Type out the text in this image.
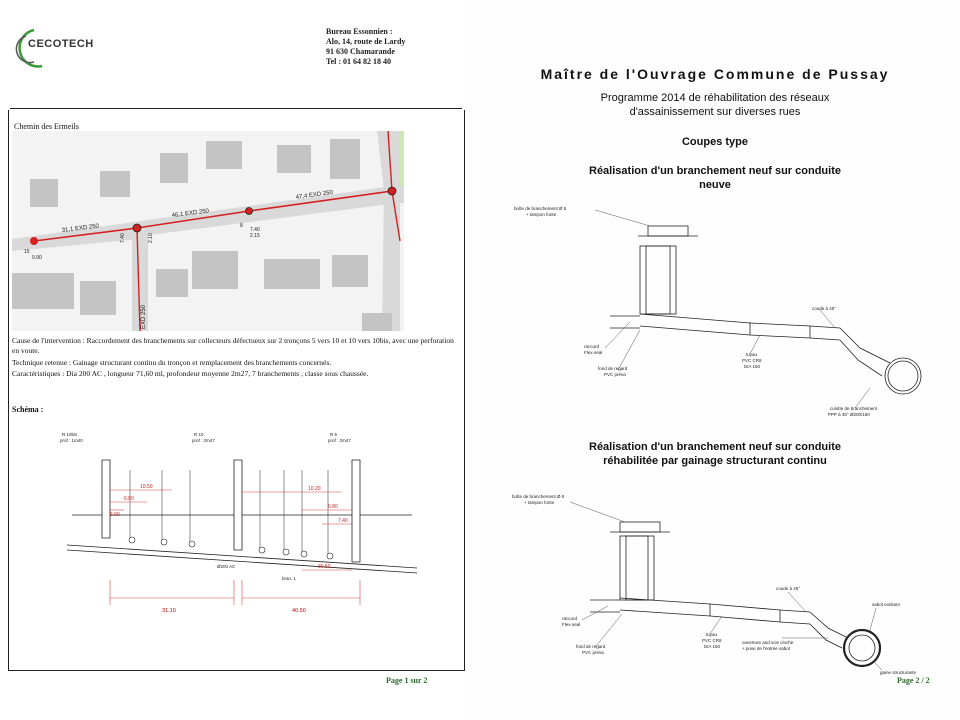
CECOTECH
Bureau Essonnien :
Alo, 14, route de Lardy
91 630 Chamarande
Tel : 01 64 82 18 40
Chemin des Ermeils
31,1 EXD 250
46,1 EXD 250
47,4 EXD 250
EXD 250
15
0.90
7.40	2.10
8
7.40
2.15
Cause de l'intervention : Raccordement des branchements sur collecteurs défectueux sur 2 tronçons 5 vers 10 et 10 vers 10bis, avec une perforation en voute.
Technique retenue : Gainage structurant continu du tronçon et remplacement des branchements concernés.
Caractéristiques : Dia 200 AC , longueur 71,60 ml, profondeur moyenne 2m27, 7 branchements , classe sous chaussée.
Schéma :
R 10bis
prof : 1m40
R 10
prof : 2m47
R 5
prof : 2m47
Ø200 AC
bran. 1
10.50
6.80
6.00
10.20
6.80
7.40
30.50
31.10	40.50
Page 1 sur 2
Maître de l'Ouvrage Commune de Pussay
Programme 2014 de réhabilitation des réseaux
d'assainissement sur diverses rues
Coupes type
Réalisation d'un branchement neuf sur conduite
neuve
boîte de branchement Ø 5
+ tampon fonte
coude à 45°
raccord
Flex-seal
fond de regard
PVC préva
tuyau
PVC CR8
DIA 160
culotte de branchement
PPP à 45° Ø200/160
Réalisation d'un branchement neuf sur conduite
réhabilitée par gainage structurant continu
boîte de branchement Ø 5
+ tampon fonte
coude à 45°
raccord
Flex-seal
fond de regard
PVC préva
tuyau
PVC CR8
DIA 160
ouverture and scie cloche
+ pose de l'entrée sabot
sabot existant
gaine structurante
Page 2 / 2
